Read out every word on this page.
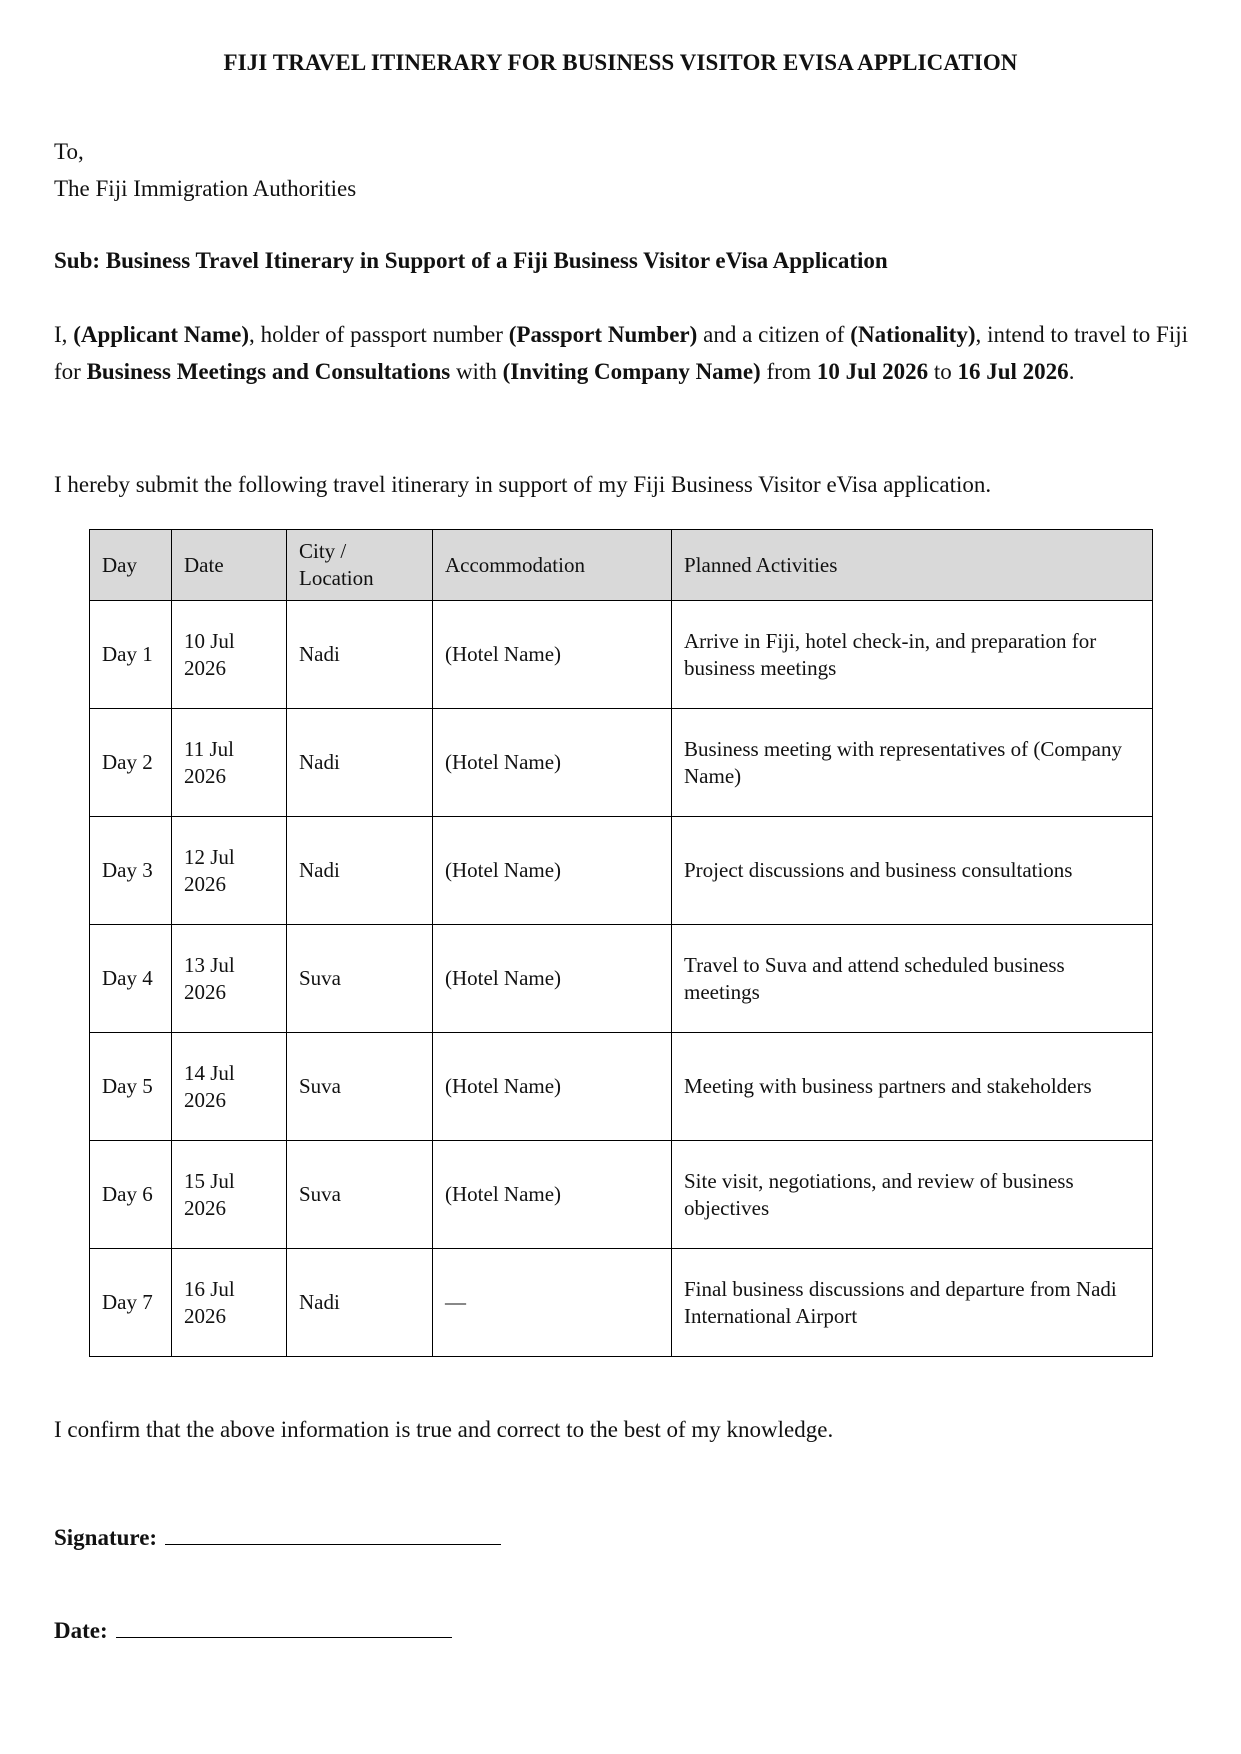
FIJI TRAVEL ITINERARY FOR BUSINESS VISITOR EVISA APPLICATION
To,
The Fiji Immigration Authorities
Sub: Business Travel Itinerary in Support of a Fiji Business Visitor eVisa Application
I, (Applicant Name), holder of passport number (Passport Number) and a citizen of (Nationality), intend to travel to Fiji for Business Meetings and Consultations with (Inviting Company Name) from 10 Jul 2026 to 16 Jul 2026.
I hereby submit the following travel itinerary in support of my Fiji Business Visitor eVisa application.
Day	Date	City / Location	Accommodation	Planned Activities
Day 1	10 Jul 2026	Nadi	(Hotel Name)	Arrive in Fiji, hotel check-in, and preparation for business meetings
Day 2	11 Jul 2026	Nadi	(Hotel Name)	Business meeting with representatives of (Company Name)
Day 3	12 Jul 2026	Nadi	(Hotel Name)	Project discussions and business consultations
Day 4	13 Jul 2026	Suva	(Hotel Name)	Travel to Suva and attend scheduled business meetings
Day 5	14 Jul 2026	Suva	(Hotel Name)	Meeting with business partners and stakeholders
Day 6	15 Jul 2026	Suva	(Hotel Name)	Site visit, negotiations, and review of business objectives
Day 7	16 Jul 2026	Nadi	—	Final business discussions and departure from Nadi International Airport
I confirm that the above information is true and correct to the best of my knowledge.
Signature:
Date:
